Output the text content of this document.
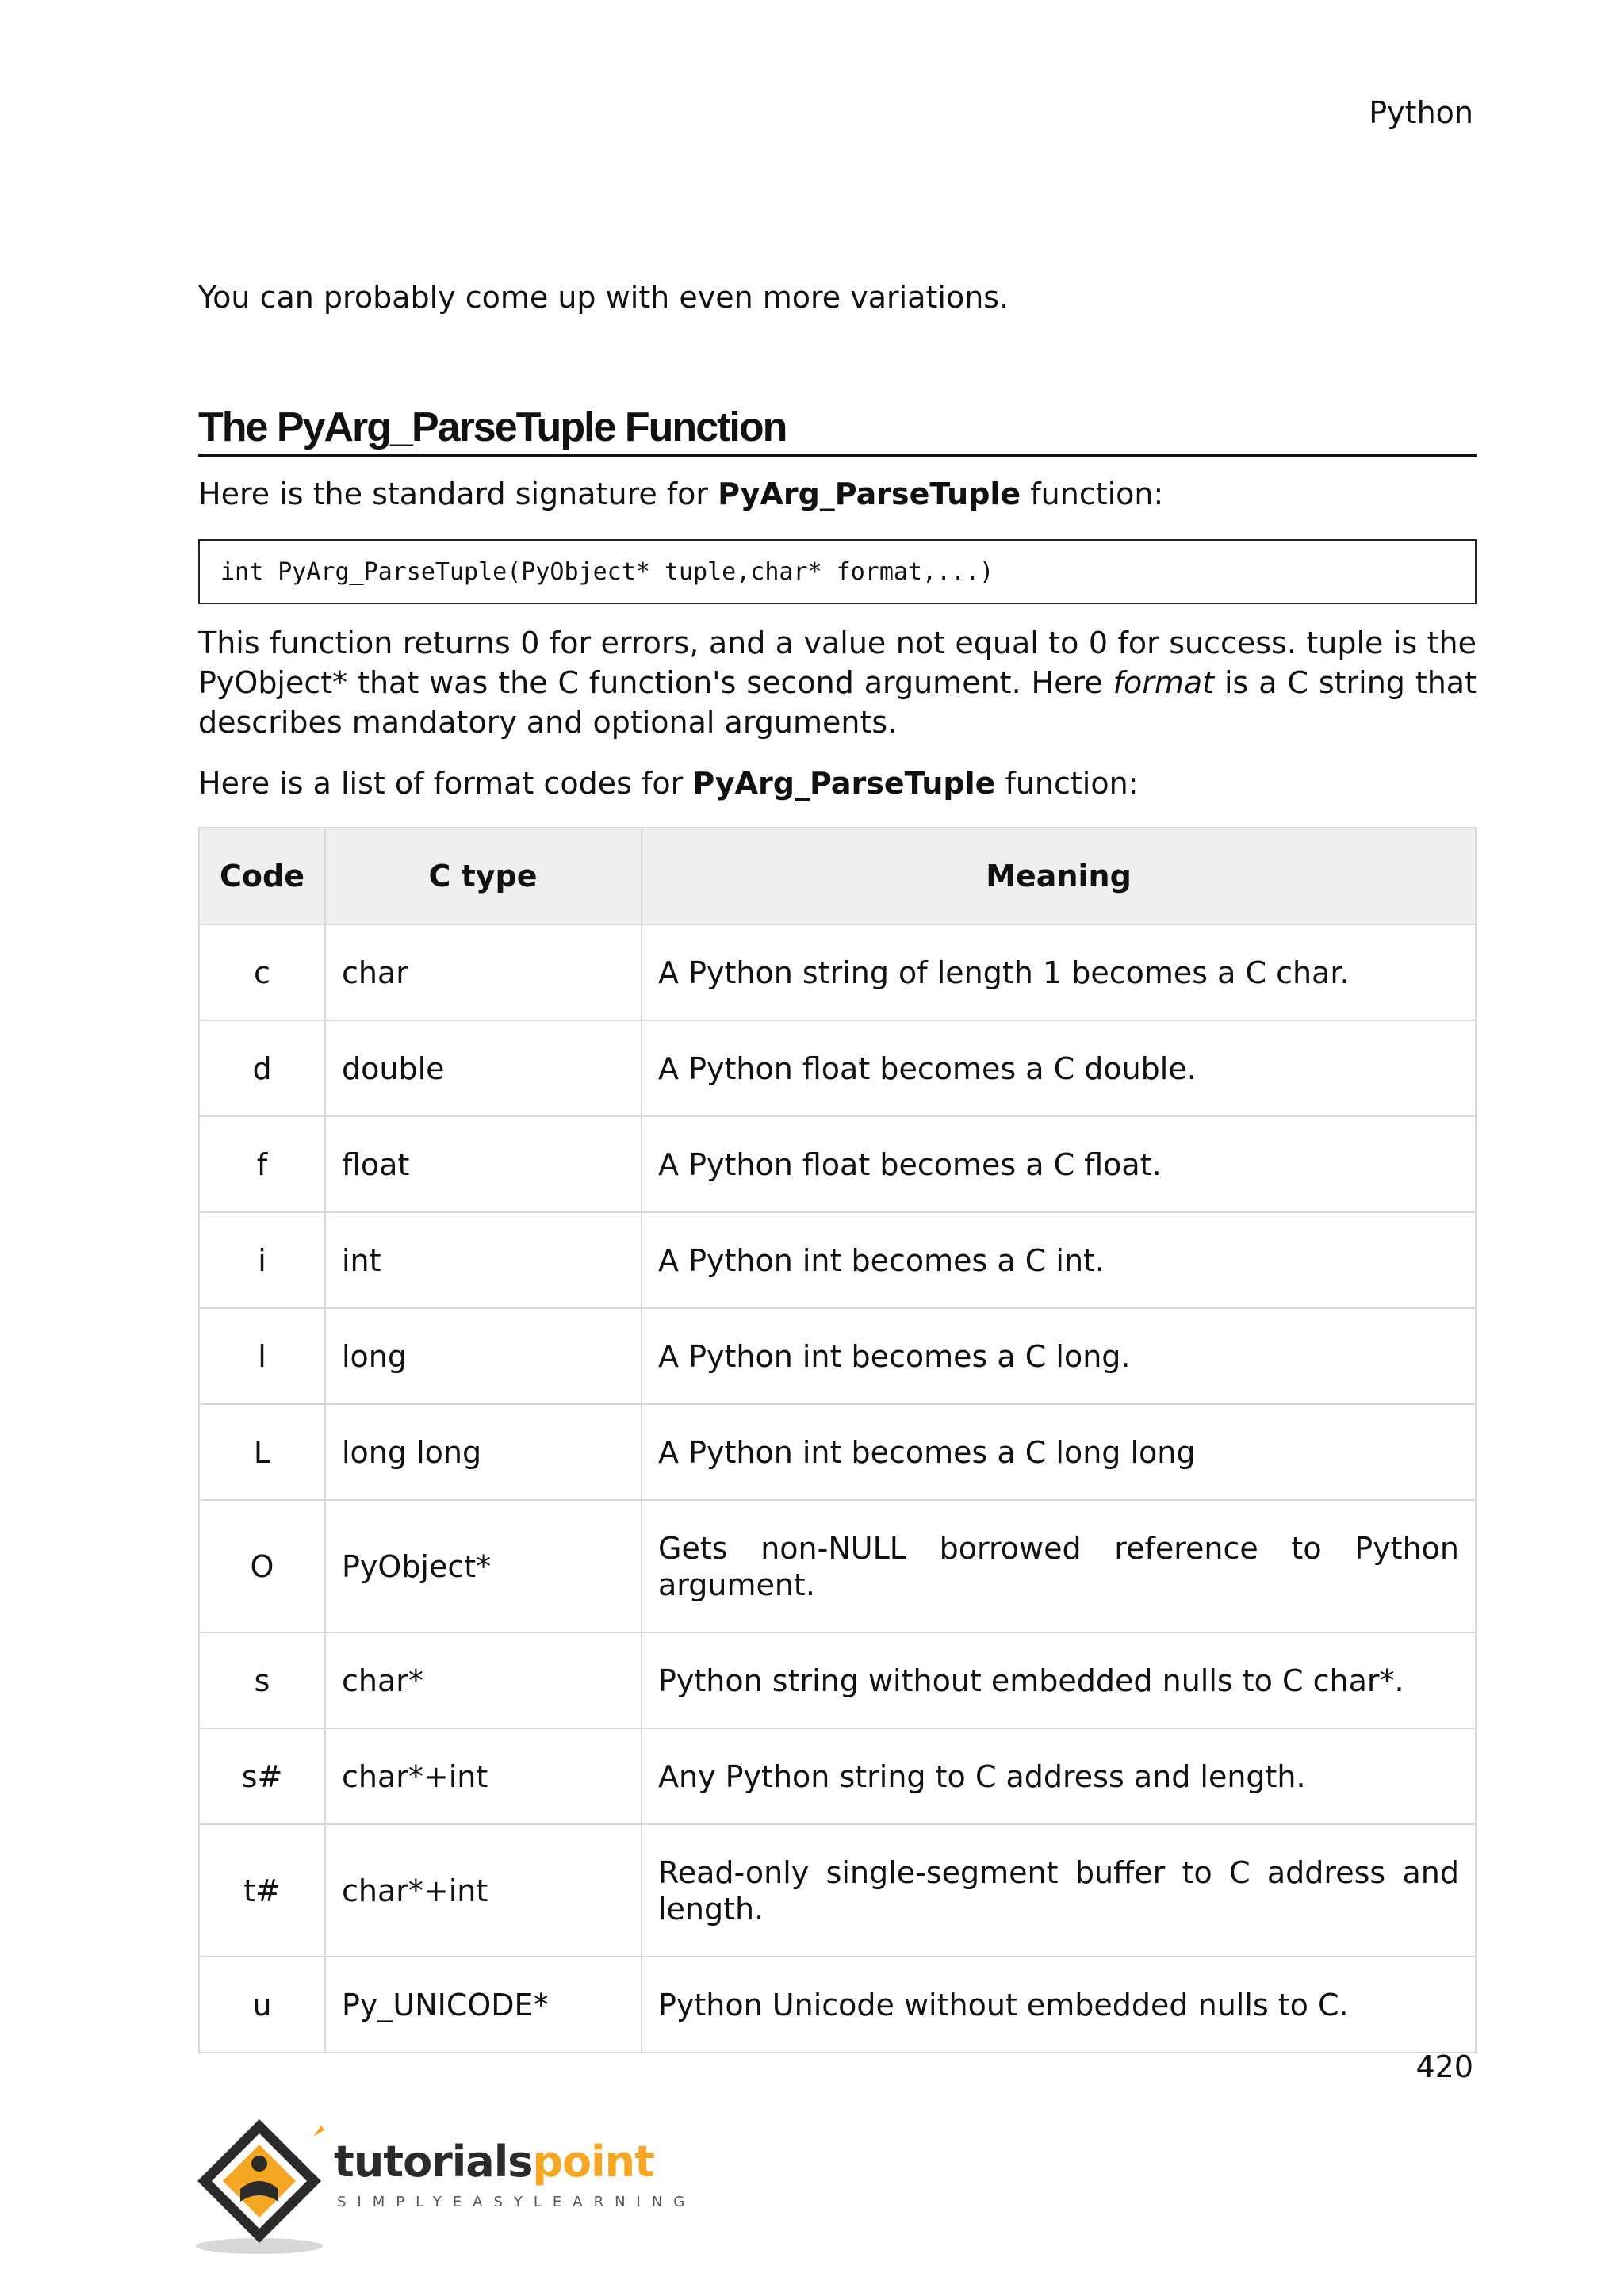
Python

You can probably come up with even more variations.

The PyArg_ParseTuple Function

Here is the standard signature for PyArg_ParseTuple function:

int PyArg_ParseTuple(PyObject* tuple,char* format,...)

This function returns 0 for errors, and a value not equal to 0 for success. tuple is the PyObject* that was the C function's second argument. Here format is a C string that describes mandatory and optional arguments.

Here is a list of format codes for PyArg_ParseTuple function:

Code	C type	Meaning
c	char	A Python string of length 1 becomes a C char.
d	double	A Python float becomes a C double.
f	float	A Python float becomes a C float.
i	int	A Python int becomes a C int.
l	long	A Python int becomes a C long.
L	long long	A Python int becomes a C long long
O	PyObject*	Gets non-NULL borrowed reference to Python argument.
s	char*	Python string without embedded nulls to C char*.
s#	char*+int	Any Python string to C address and length.
t#	char*+int	Read-only single-segment buffer to C address and length.
u	Py_UNICODE*	Python Unicode without embedded nulls to C.
420
tutorialspoint
SIMPLYEASYLEARNING
